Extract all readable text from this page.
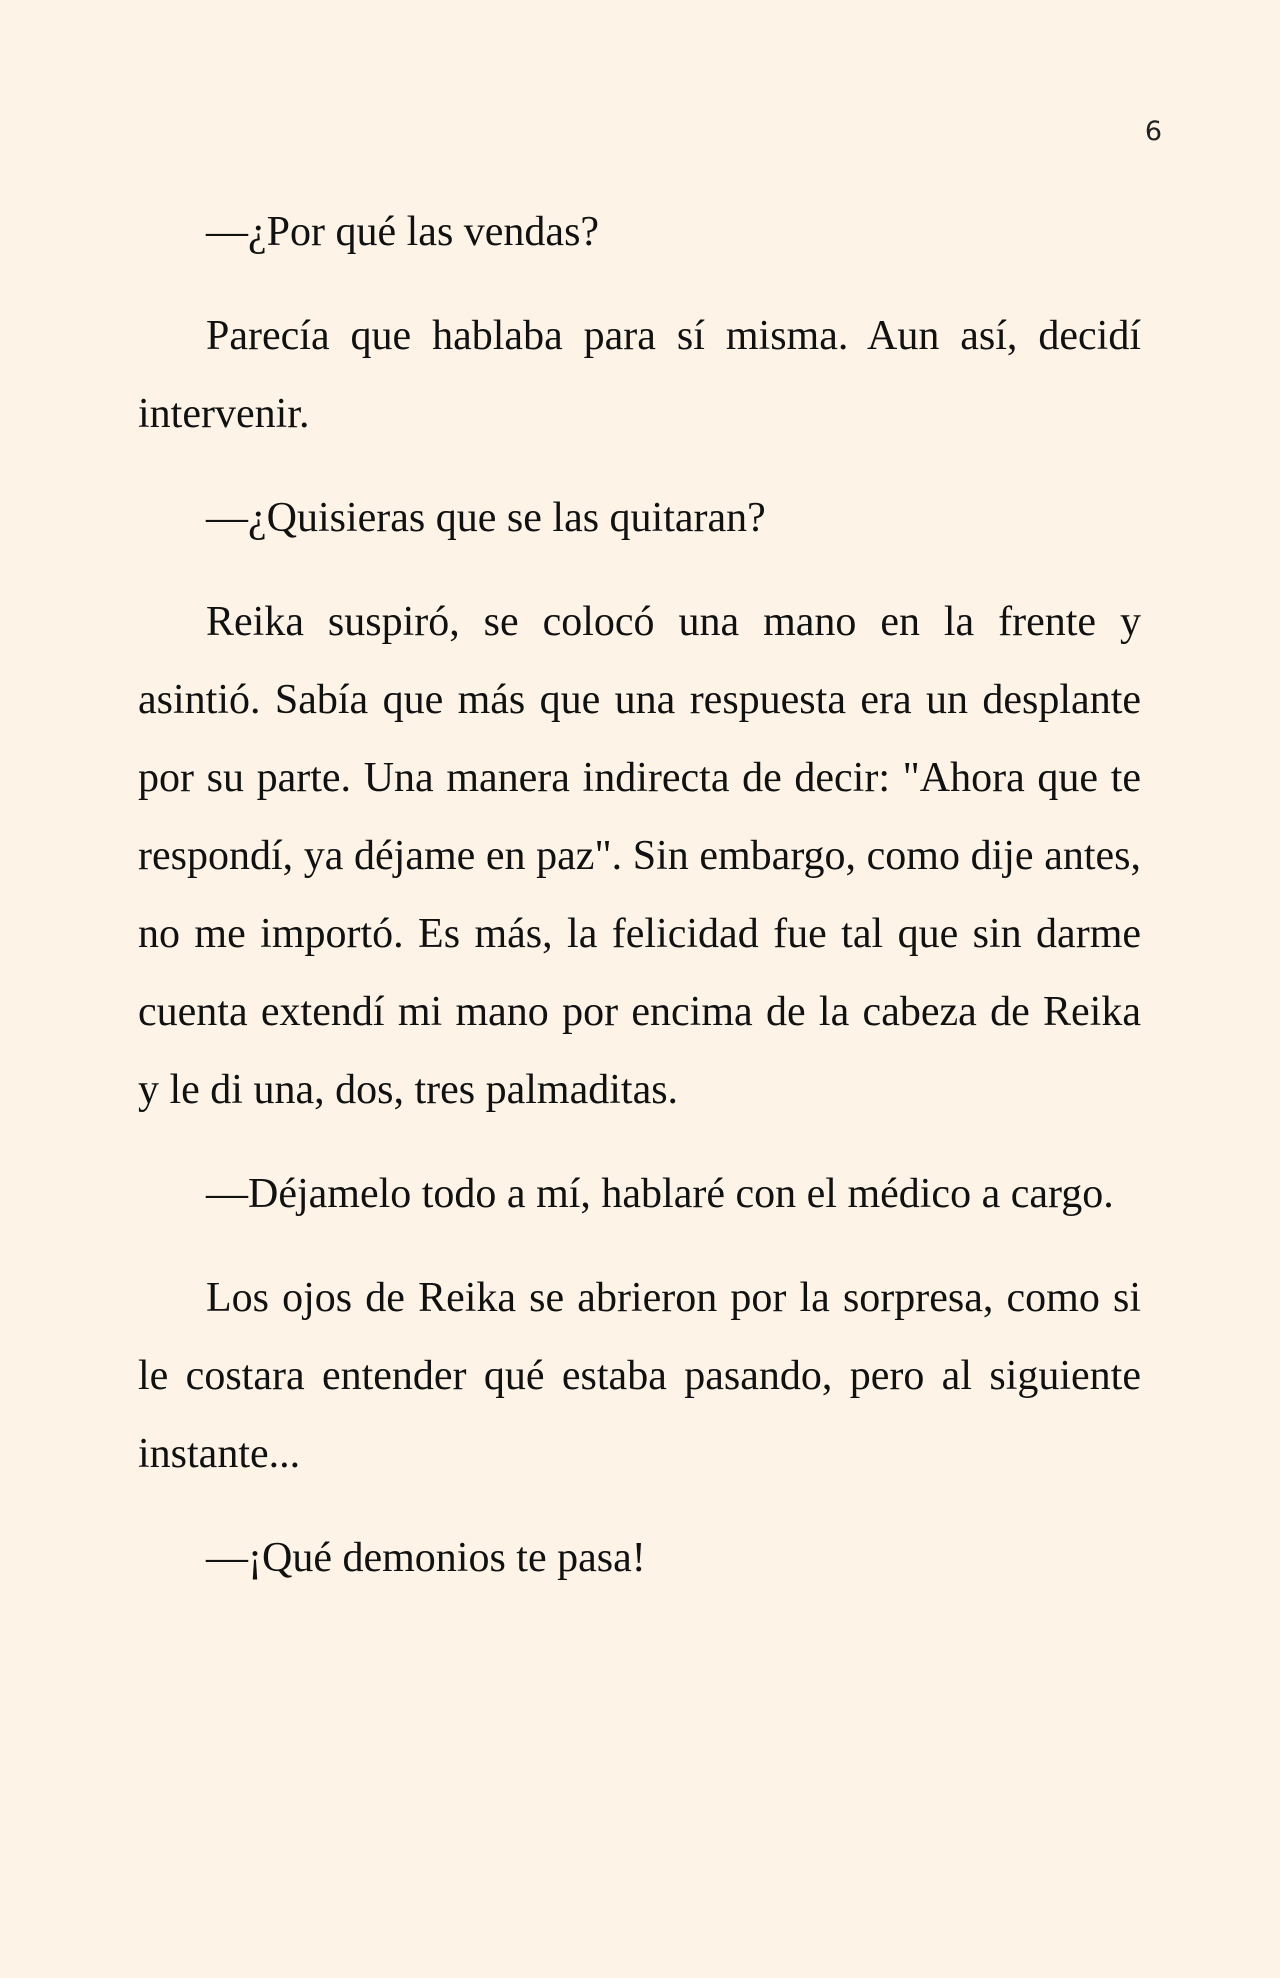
6

—¿Por qué las vendas?

Parecía que hablaba para sí misma. Aun así, decidí intervenir.

—¿Quisieras que se las quitaran?

Reika suspiró, se colocó una mano en la frente y asintió. Sabía que más que una respuesta era un desplante por su parte. Una manera indirecta de decir: "Ahora que te respondí, ya déjame en paz". Sin embargo, como dije antes, no me importó. Es más, la felicidad fue tal que sin darme cuenta extendí mi mano por encima de la cabeza de Reika y le di una, dos, tres palmaditas.

—Déjamelo todo a mí, hablaré con el médico a cargo.

Los ojos de Reika se abrieron por la sorpresa, como si le costara entender qué estaba pasando, pero al siguiente instante...

—¡Qué demonios te pasa!
